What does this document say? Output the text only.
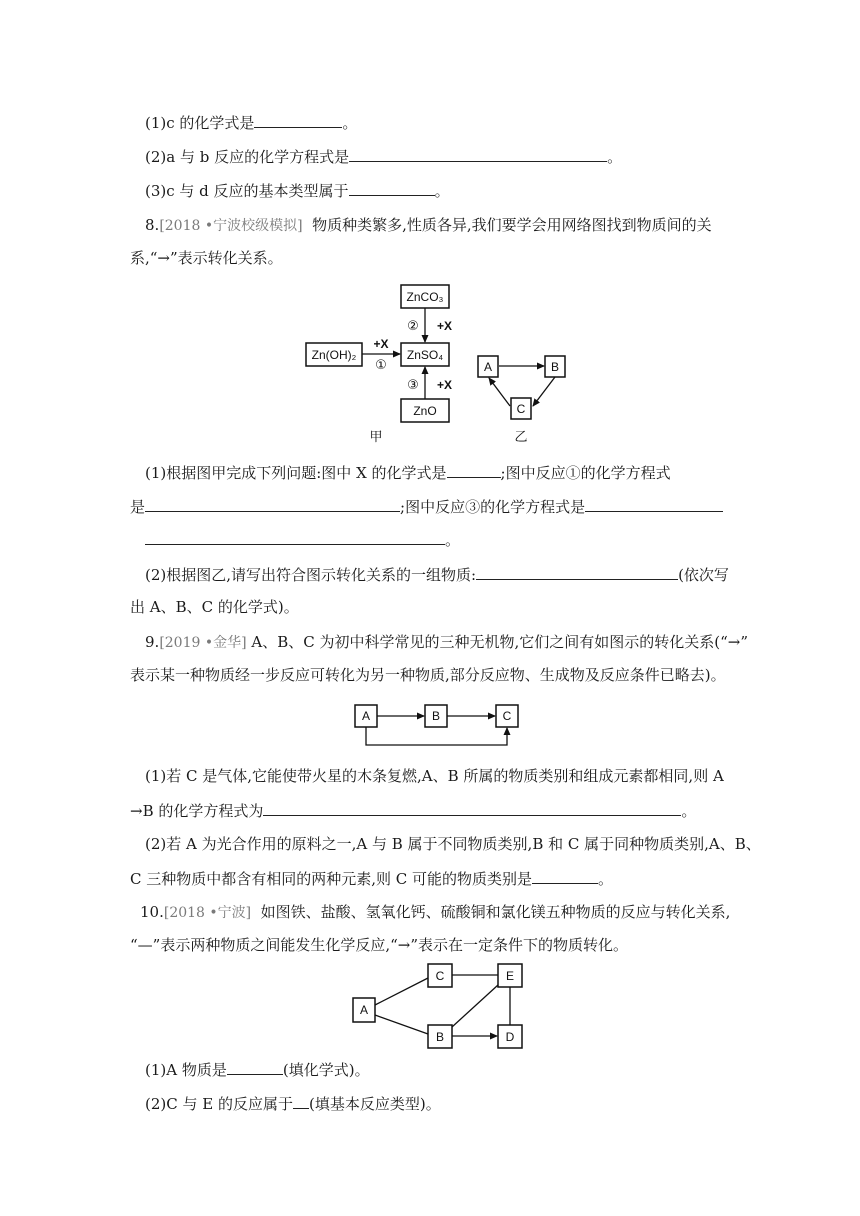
(1)c 的化学式是	。
(2)a 与 b 反应的化学方程式是	。
(3)c 与 d 反应的基本类型属于	。
8.[2018 •宁波校级模拟] 物质种类繁多,性质各异,我们要学会用网络图找到物质间的关
系,“→”表示转化关系。
ZnCO₃
Zn(OH)₂	ZnSO₄
ZnO
+X
①
② +X
③ +X
甲
A	B
C
乙
A	B	C
A
C	E
B	D
(1)根据图甲完成下列问题:图中 X 的化学式是	;图中反应①的化学方程式
是	;图中反应③的化学方程式是
。
(2)根据图乙,请写出符合图示转化关系的一组物质:	(依次写
出 A、B、C 的化学式)。
9.[2019 •金华] A、B、C 为初中科学常见的三种无机物,它们之间有如图示的转化关系(“→”
表示某一种物质经一步反应可转化为另一种物质,部分反应物、生成物及反应条件已略去)。
(1)若 C 是气体,它能使带火星的木条复燃,A、B 所属的物质类别和组成元素都相同,则 A
→B 的化学方程式为	。
(2)若 A 为光合作用的原料之一,A 与 B 属于不同物质类别,B 和 C 属于同种物质类别,A、B、
C 三种物质中都含有相同的两种元素,则 C 可能的物质类别是	。
10.[2018 •宁波] 如图铁、盐酸、氢氧化钙、硫酸铜和氯化镁五种物质的反应与转化关系,
“—”表示两种物质之间能发生化学反应,“→”表示在一定条件下的物质转化。
(1)A 物质是	(填化学式)。
(2)C 与 E 的反应属于 (填基本反应类型)。
